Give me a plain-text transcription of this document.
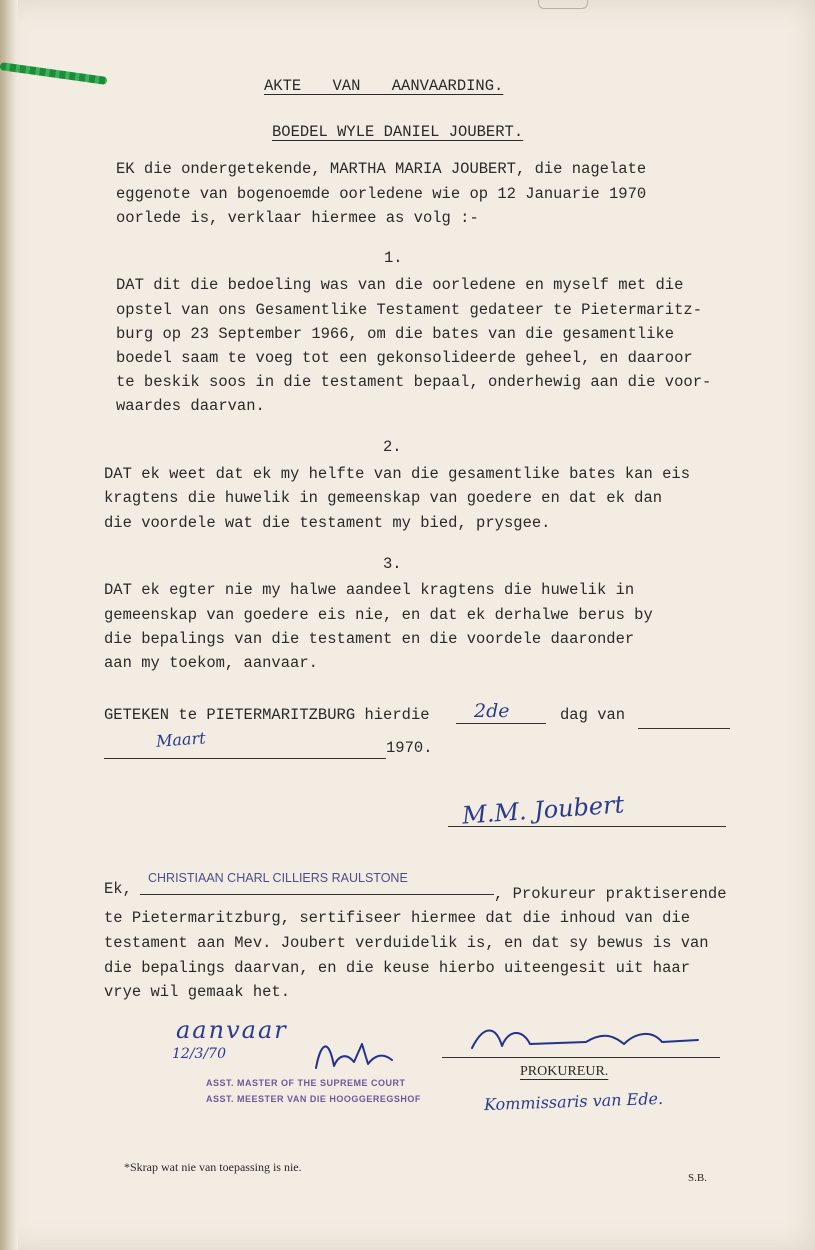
AKTE VAN AANVAARDING.
BOEDEL WYLE DANIEL JOUBERT.
EK die ondergetekende, MARTHA MARIA JOUBERT, die nagelate
eggenote van bogenoemde oorledene wie op 12 Januarie 1970
oorlede is, verklaar hiermee as volg :-
1.
DAT dit die bedoeling was van die oorledene en myself met die
opstel van ons Gesamentlike Testament gedateer te Pietermaritz-
burg op 23 September 1966, om die bates van die gesamentlike
boedel saam te voeg tot een gekonsolideerde geheel, en daaroor
te beskik soos in die testament bepaal, onderhewig aan die voor-
waardes daarvan.
2.
DAT ek weet dat ek my helfte van die gesamentlike bates kan eis
kragtens die huwelik in gemeenskap van goedere en dat ek dan
die voordele wat die testament my bied, prysgee.
3.
DAT ek egter nie my halwe aandeel kragtens die huwelik in
gemeenskap van goedere eis nie, en dat ek derhalwe berus by
die bepalings van die testament en die voordele daaronder
aan my toekom, aanvaar.
GETEKEN te PIETERMARITZBURG hierdie 2de	dag van
Maart	1970.
M.M. Joubert
Ek,
CHRISTIAAN CHARL CILLIERS RAULSTONE
, Prokureur praktiserende
te Pietermaritzburg, sertifiseer hiermee dat die inhoud van die
testament aan Mev. Joubert verduidelik is, en dat sy bewus is van
die bepalings daarvan, en die keuse hierbo uiteengesit uit haar
vrye wil gemaak het.
aanvaar
12/3/70
ASST. MASTER OF THE SUPREME COURT
ASST. MEESTER VAN DIE HOOGGEREGSHOF
PROKUREUR.
Kommissaris van Ede.
*Skrap wat nie van toepassing is nie.
S.B.
